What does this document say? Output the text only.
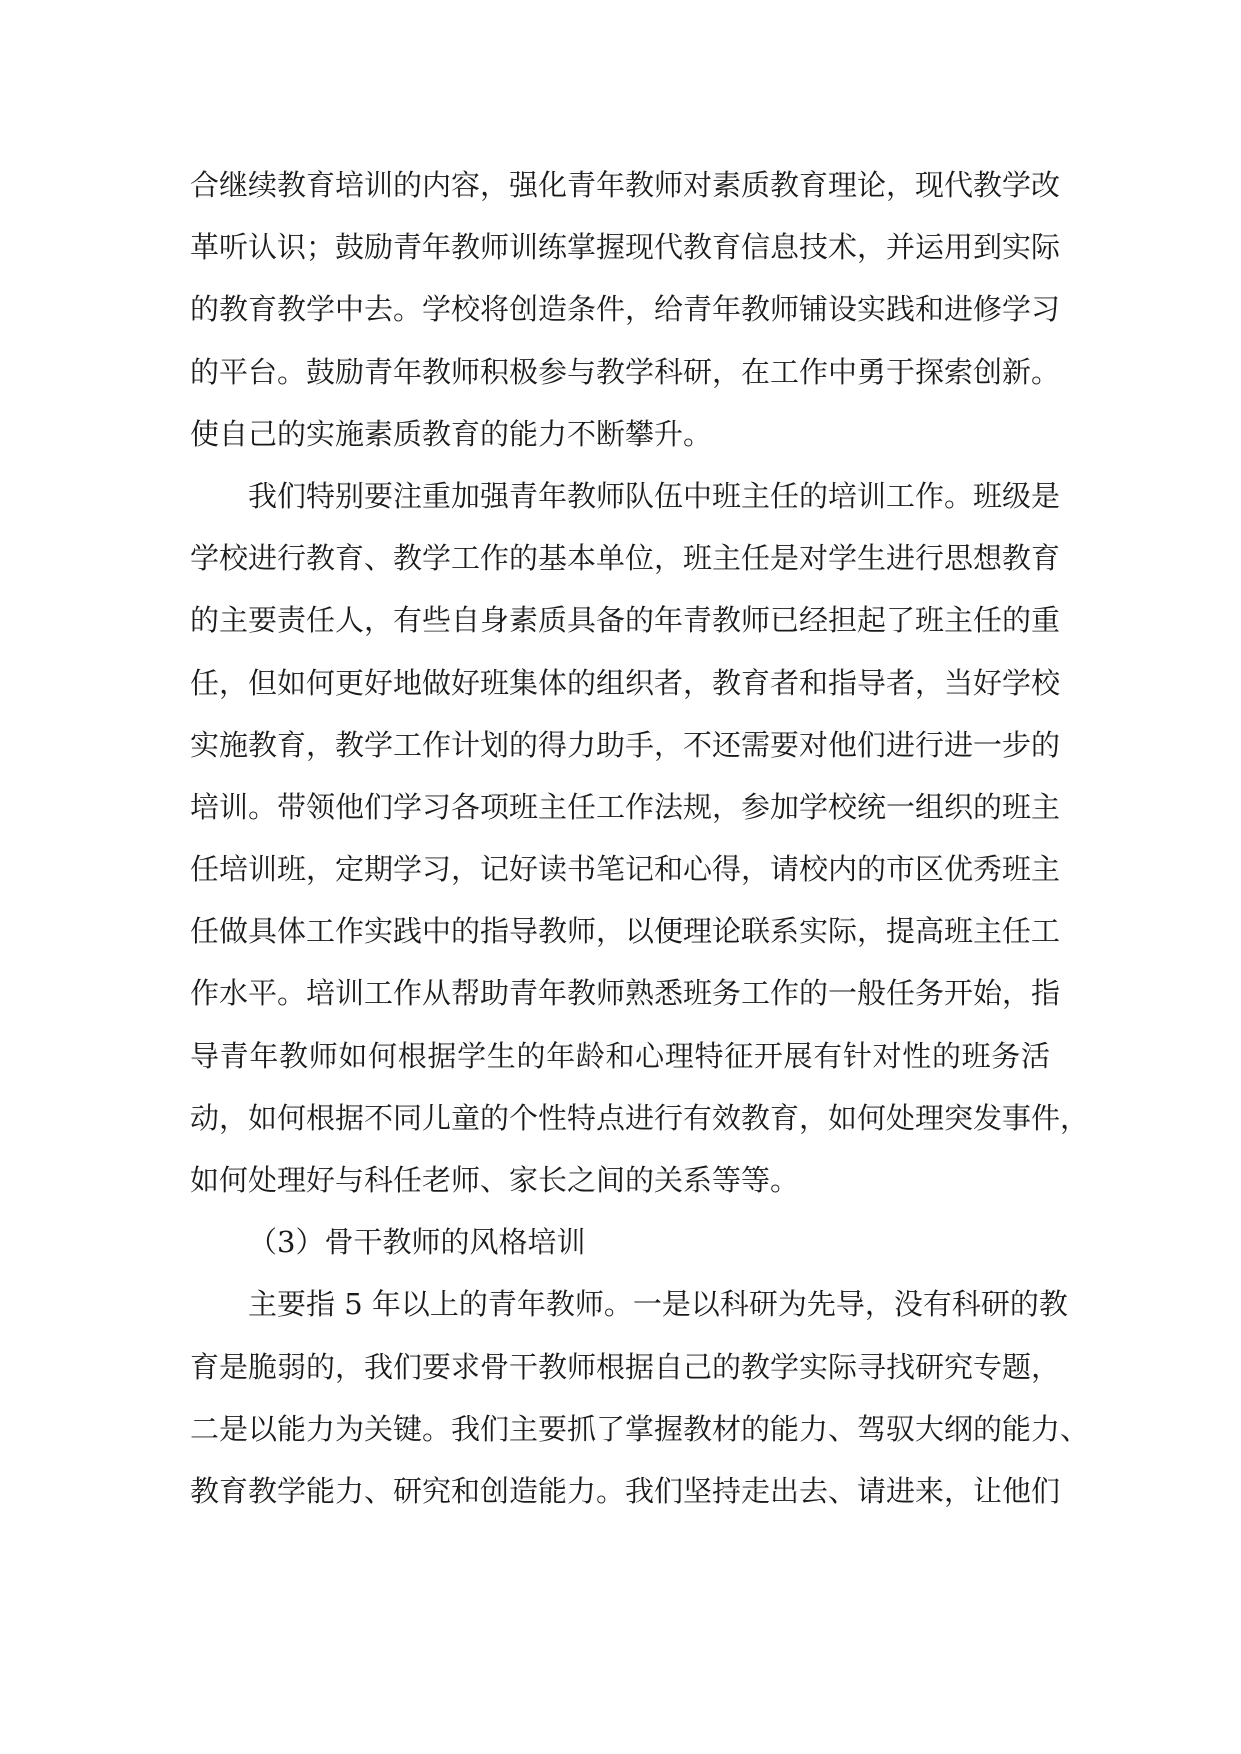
合继续教育培训的内容，强化青年教师对素质教育理论，现代教学改
革听认识；鼓励青年教师训练掌握现代教育信息技术，并运用到实际
的教育教学中去。学校将创造条件，给青年教师铺设实践和进修学习
的平台。鼓励青年教师积极参与教学科研，在工作中勇于探索创新。
使自己的实施素质教育的能力不断攀升。
我们特别要注重加强青年教师队伍中班主任的培训工作。班级是
学校进行教育、教学工作的基本单位，班主任是对学生进行思想教育
的主要责任人，有些自身素质具备的年青教师已经担起了班主任的重
任，但如何更好地做好班集体的组织者，教育者和指导者，当好学校
实施教育，教学工作计划的得力助手，不还需要对他们进行进一步的
培训。带领他们学习各项班主任工作法规，参加学校统一组织的班主
任培训班，定期学习，记好读书笔记和心得，请校内的市区优秀班主
任做具体工作实践中的指导教师，以便理论联系实际，提高班主任工
作水平。培训工作从帮助青年教师熟悉班务工作的一般任务开始，指
导青年教师如何根据学生的年龄和心理特征开展有针对性的班务活
动，如何根据不同儿童的个性特点进行有效教育，如何处理突发事件，
如何处理好与科任老师、家长之间的关系等等。
（3）骨干教师的风格培训
主要指 5 年以上的青年教师。一是以科研为先导，没有科研的教
育是脆弱的，我们要求骨干教师根据自己的教学实际寻找研究专题，
二是以能力为关键。我们主要抓了掌握教材的能力、驾驭大纲的能力、
教育教学能力、研究和创造能力。我们坚持走出去、请进来，让他们
